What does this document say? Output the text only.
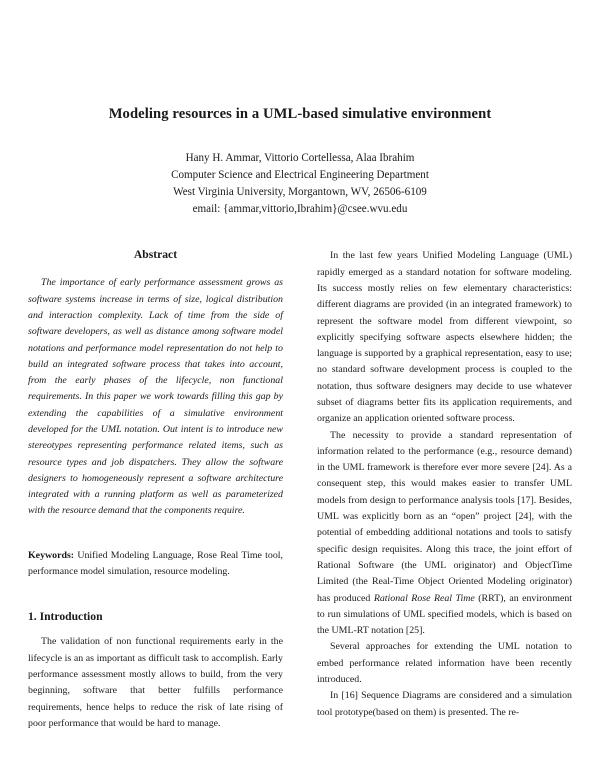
Modeling resources in a UML-based simulative environment
Hany H. Ammar, Vittorio Cortellessa, Alaa Ibrahim
Computer Science and Electrical Engineering Department
West Virginia University, Morgantown, WV, 26506-6109
email: {ammar,vittorio,Ibrahim}@csee.wvu.edu
Abstract

The importance of early performance assessment grows as software systems increase in terms of size, logical distribution and interaction complexity. Lack of time from the side of software developers, as well as distance among software model notations and performance model representation do not help to build an integrated software process that takes into account, from the early phases of the lifecycle, non functional requirements. In this paper we work towards filling this gap by extending the capabilities of a simulative environment developed for the UML notation. Out intent is to introduce new stereotypes representing performance related items, such as resource types and job dispatchers. They allow the software designers to homogeneously represent a software architecture integrated with a running platform as well as parameterized with the resource demand that the components require.

Keywords: Unified Modeling Language, Rose Real Time tool, performance model simulation, resource modeling.
1. Introduction

The validation of non functional requirements early in the lifecycle is an as important as difficult task to accomplish. Early performance assessment mostly allows to build, from the very beginning, software that better fulfills performance requirements, hence helps to reduce the risk of late rising of poor performance that would be hard to manage.

In the last few years Unified Modeling Language (UML) rapidly emerged as a standard notation for software modeling. Its success mostly relies on few elementary characteristics: different diagrams are provided (in an integrated framework) to represent the software model from different viewpoint, so explicitly specifying software aspects elsewhere hidden; the language is supported by a graphical representation, easy to use; no standard software development process is coupled to the notation, thus software designers may decide to use whatever subset of diagrams better fits its application requirements, and organize an application oriented software process.

The necessity to provide a standard representation of information related to the performance (e.g., resource demand) in the UML framework is therefore ever more severe [24]. As a consequent step, this would makes easier to transfer UML models from design to performance analysis tools [17]. Besides, UML was explicitly born as an “open” project [24], with the potential of embedding additional notations and tools to satisfy specific design requisites. Along this trace, the joint effort of Rational Software (the UML originator) and ObjectTime Limited (the Real-Time Object Oriented Modeling originator) has produced Rational Rose Real Time (RRT), an environment to run simulations of UML specified models, which is based on the UML-RT notation [25].

Several approaches for extending the UML notation to embed performance related information have been recently introduced.

In [16] Sequence Diagrams are considered and a simulation tool prototype(based on them) is presented. The re-
